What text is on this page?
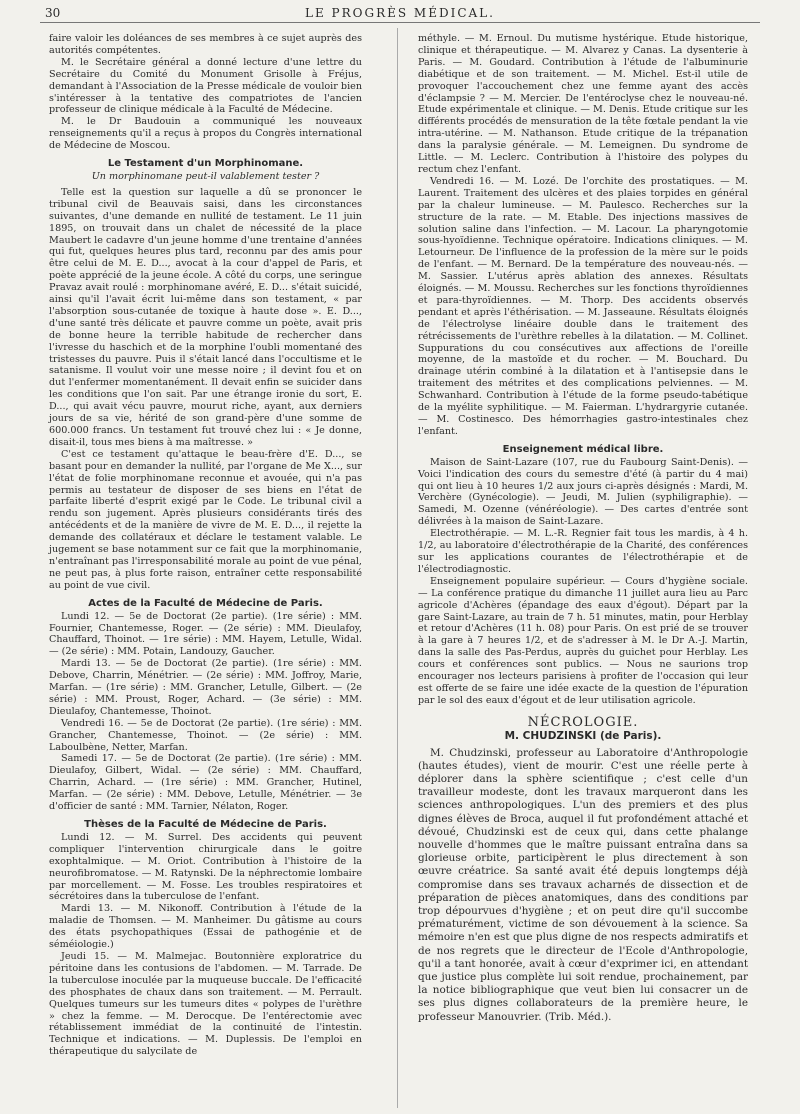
30	LE PROGRÈS MÉDICAL.

faire valoir les doléances de ses membres à ce sujet auprès des autorités compétentes.

M. le Secrétaire général a donné lecture d'une lettre du Secrétaire du Comité du Monument Grisolle à Fréjus, demandant à l'Association de la Presse médicale de vouloir bien s'intéresser à la tentative des compatriotes de l'ancien professeur de clinique médicale à la Faculté de Médecine.

M. le Dr Baudouin a communiqué les nouveaux renseignements qu'il a reçus à propos du Congrès international de Médecine de Moscou.

Le Testament d'un Morphinomane.
Un morphinomane peut-il valablement tester ?

Telle est la question sur laquelle a dû se prononcer le tribunal civil de Beauvais saisi, dans les circonstances suivantes, d'une demande en nullité de testament. Le 11 juin 1895, on trouvait dans un chalet de nécessité de la place Maubert le cadavre d'un jeune homme d'une trentaine d'années qui fut, quelques heures plus tard, reconnu par des amis pour être celui de M. E. D..., avocat à la cour d'appel de Paris, et poète apprécié de la jeune école. A côté du corps, une seringue Pravaz avait roulé : morphinomane avéré, E. D... s'était suicidé, ainsi qu'il l'avait écrit lui-même dans son testament, « par l'absorption sous-cutanée de toxique à haute dose ». E. D..., d'une santé très délicate et pauvre comme un poète, avait pris de bonne heure la terrible habitude de rechercher dans l'ivresse du haschich et de la morphine l'oubli momentané des tristesses du pauvre. Puis il s'était lancé dans l'occultisme et le satanisme. Il voulut voir une messe noire ; il devint fou et on dut l'enfermer momentanément. Il devait enfin se suicider dans les conditions que l'on sait. Par une étrange ironie du sort, E. D..., qui avait vécu pauvre, mourut riche, ayant, aux derniers jours de sa vie, hérité de son grand-père d'une somme de 600.000 francs. Un testament fut trouvé chez lui : « Je donne, disait-il, tous mes biens à ma maîtresse. »

C'est ce testament qu'attaque le beau-frère d'E. D..., se basant pour en demander la nullité, par l'organe de Me X..., sur l'état de folie morphinomane reconnue et avouée, qui n'a pas permis au testateur de disposer de ses biens en l'état de parfaite liberté d'esprit exigé par le Code. Le tribunal civil a rendu son jugement. Après plusieurs considérants tirés des antécédents et de la manière de vivre de M. E. D..., il rejette la demande des collatéraux et déclare le testament valable. Le jugement se base notamment sur ce fait que la morphinomanie, n'entraînant pas l'irresponsabilité morale au point de vue pénal, ne peut pas, à plus forte raison, entraîner cette responsabilité au point de vue civil.

Actes de la Faculté de Médecine de Paris.

Lundi 12. — 5e de Doctorat (2e partie). (1re série) : MM. Fournier, Chantemesse, Roger. — (2e série) : MM. Dieulafoy, Chauffard, Thoinot. — 1re série) : MM. Hayem, Letulle, Widal. — (2e série) : MM. Potain, Landouzy, Gaucher.

Mardi 13. — 5e de Doctorat (2e partie). (1re série) : MM. Debove, Charrin, Ménétrier. — (2e série) : MM. Joffroy, Marie, Marfan. — (1re série) : MM. Grancher, Letulle, Gilbert. — (2e série) : MM. Proust, Roger, Achard. — (3e série) : MM. Dieulafoy, Chantemesse, Thoinot.

Vendredi 16. — 5e de Doctorat (2e partie). (1re série) : MM. Grancher, Chantemesse, Thoinot. — (2e série) : MM. Laboulbène, Netter, Marfan.

Samedi 17. — 5e de Doctorat (2e partie). (1re série) : MM. Dieulafoy, Gilbert, Widal. — (2e série) : MM. Chauffard, Charrin, Achard. — (1re série) : MM. Grancher, Hutinel, Marfan. — (2e série) : MM. Debove, Letulle, Ménétrier. — 3e d'officier de santé : MM. Tarnier, Nélaton, Roger.

Thèses de la Faculté de Médecine de Paris.

Lundi 12. — M. Surrel. Des accidents qui peuvent compliquer l'intervention chirurgicale dans le goitre exophtalmique. — M. Oriot. Contribution à l'histoire de la neurofibromatose. — M. Ratynski. De la néphrectomie lombaire par morcellement. — M. Fosse. Les troubles respiratoires et sécrétoires dans la tuberculose de l'enfant.

Mardi 13. — M. Nikonoff. Contribution à l'étude de la maladie de Thomsen. — M. Manheimer. Du gâtisme au cours des états psychopathiques (Essai de pathogénie et de séméiologie.)

Jeudi 15. — M. Malmejac. Boutonnière exploratrice du péritoine dans les contusions de l'abdomen. — M. Tarrade. De la tuberculose inoculée par la muqueuse buccale. De l'efficacité des phosphates de chaux dans son traitement. — M. Perrault. Quelques tumeurs sur les tumeurs dites « polypes de l'urèthre » chez la femme. — M. Derocque. De l'entérectomie avec rétablissement immédiat de la continuité de l'intestin. Technique et indications. — M. Duplessis. De l'emploi en thérapeutique du salycilate de

méthyle. — M. Ernoul. Du mutisme hystérique. Etude historique, clinique et thérapeutique. — M. Alvarez y Canas. La dysenterie à Paris. — M. Goudard. Contribution à l'étude de l'albuminurie diabétique et de son traitement. — M. Michel. Est-il utile de provoquer l'accouchement chez une femme ayant des accès d'éclampsie ? — M. Mercier. De l'entéroclyse chez le nouveau-né. Etude expérimentale et clinique. — M. Denis. Etude critique sur les différents procédés de mensuration de la tête fœtale pendant la vie intra-utérine. — M. Nathanson. Etude critique de la trépanation dans la paralysie générale. — M. Lemeignen. Du syndrome de Little. — M. Leclerc. Contribution à l'histoire des polypes du rectum chez l'enfant.

Vendredi 16. — M. Lozé. De l'orchite des prostatiques. — M. Laurent. Traitement des ulcères et des plaies torpides en général par la chaleur lumineuse. — M. Paulesco. Recherches sur la structure de la rate. — M. Etable. Des injections massives de solution saline dans l'infection. — M. Lacour. La pharyngotomie sous-hyoïdienne. Technique opératoire. Indications cliniques. — M. Letourneur. De l'influence de la profession de la mère sur le poids de l'enfant. — M. Bernard. De la température des nouveau-nés. — M. Sassier. L'utérus après ablation des annexes. Résultats éloignés. — M. Moussu. Recherches sur les fonctions thyroïdiennes et para-thyroïdiennes. — M. Thorp. Des accidents observés pendant et après l'éthérisation. — M. Jasseaune. Résultats éloignés de l'électrolyse linéaire double dans le traitement des rétrécissements de l'urèthre rebelles à la dilatation. — M. Collinet. Suppurations du cou consécutives aux affections de l'oreille moyenne, de la mastoïde et du rocher. — M. Bouchard. Du drainage utérin combiné à la dilatation et à l'antisepsie dans le traitement des métrites et des complications pelviennes. — M. Schwanhard. Contribution à l'étude de la forme pseudo-tabétique de la myélite syphilitique. — M. Faierman. L'hydrargyrie cutanée. — M. Costinesco. Des hémorrhagies gastro-intestinales chez l'enfant.

Enseignement médical libre.

Maison de Saint-Lazare (107, rue du Faubourg Saint-Denis). — Voici l'indication des cours du semestre d'été (à partir du 4 mai) qui ont lieu à 10 heures 1/2 aux jours ci-après désignés : Mardi, M. Verchère (Gynécologie). — Jeudi, M. Julien (syphiligraphie). — Samedi, M. Ozenne (vénéréologie). — Des cartes d'entrée sont délivrées à la maison de Saint-Lazare.

Electrothérapie. — M. L.-R. Regnier fait tous les mardis, à 4 h. 1/2, au laboratoire d'électrothérapie de la Charité, des conférences sur les applications courantes de l'électrothérapie et de l'électrodiagnostic.

Enseignement populaire supérieur. — Cours d'hygiène sociale. — La conférence pratique du dimanche 11 juillet aura lieu au Parc agricole d'Achères (épandage des eaux d'égout). Départ par la gare Saint-Lazare, au train de 7 h. 51 minutes, matin, pour Herblay et retour d'Achères (11 h. 08) pour Paris. On est prié de se trouver à la gare à 7 heures 1/2, et de s'adresser à M. le Dr A.-J. Martin, dans la salle des Pas-Perdus, auprès du guichet pour Herblay. Les cours et conférences sont publics. — Nous ne saurions trop encourager nos lecteurs parisiens à profiter de l'occasion qui leur est offerte de se faire une idée exacte de la question de l'épuration par le sol des eaux d'égout et de leur utilisation agricole.

NÉCROLOGIE.
M. CHUDZINSKI (de Paris).

M. Chudzinski, professeur au Laboratoire d'Anthropologie (hautes études), vient de mourir. C'est une réelle perte à déplorer dans la sphère scientifique ; c'est celle d'un travailleur modeste, dont les travaux marqueront dans les sciences anthropologiques. L'un des premiers et des plus dignes élèves de Broca, auquel il fut profondément attaché et dévoué, Chudzinski est de ceux qui, dans cette phalange nouvelle d'hommes que le maître puissant entraîna dans sa glorieuse orbite, participèrent le plus directement à son œuvre créatrice. Sa santé avait été depuis longtemps déjà compromise dans ses travaux acharnés de dissection et de préparation de pièces anatomiques, dans des conditions par trop dépourvues d'hygiène ; et on peut dire qu'il succombe prématurément, victime de son dévouement à la science. Sa mémoire n'en est que plus digne de nos respects admiratifs et de nos regrets que le directeur de l'Ecole d'Anthropologie, qu'il a tant honorée, avait à cœur d'exprimer ici, en attendant que justice plus complète lui soit rendue, prochainement, par la notice bibliographique que veut bien lui consacrer un de ses plus dignes collaborateurs de la première heure, le professeur Manouvrier. (Trib. Méd.).
